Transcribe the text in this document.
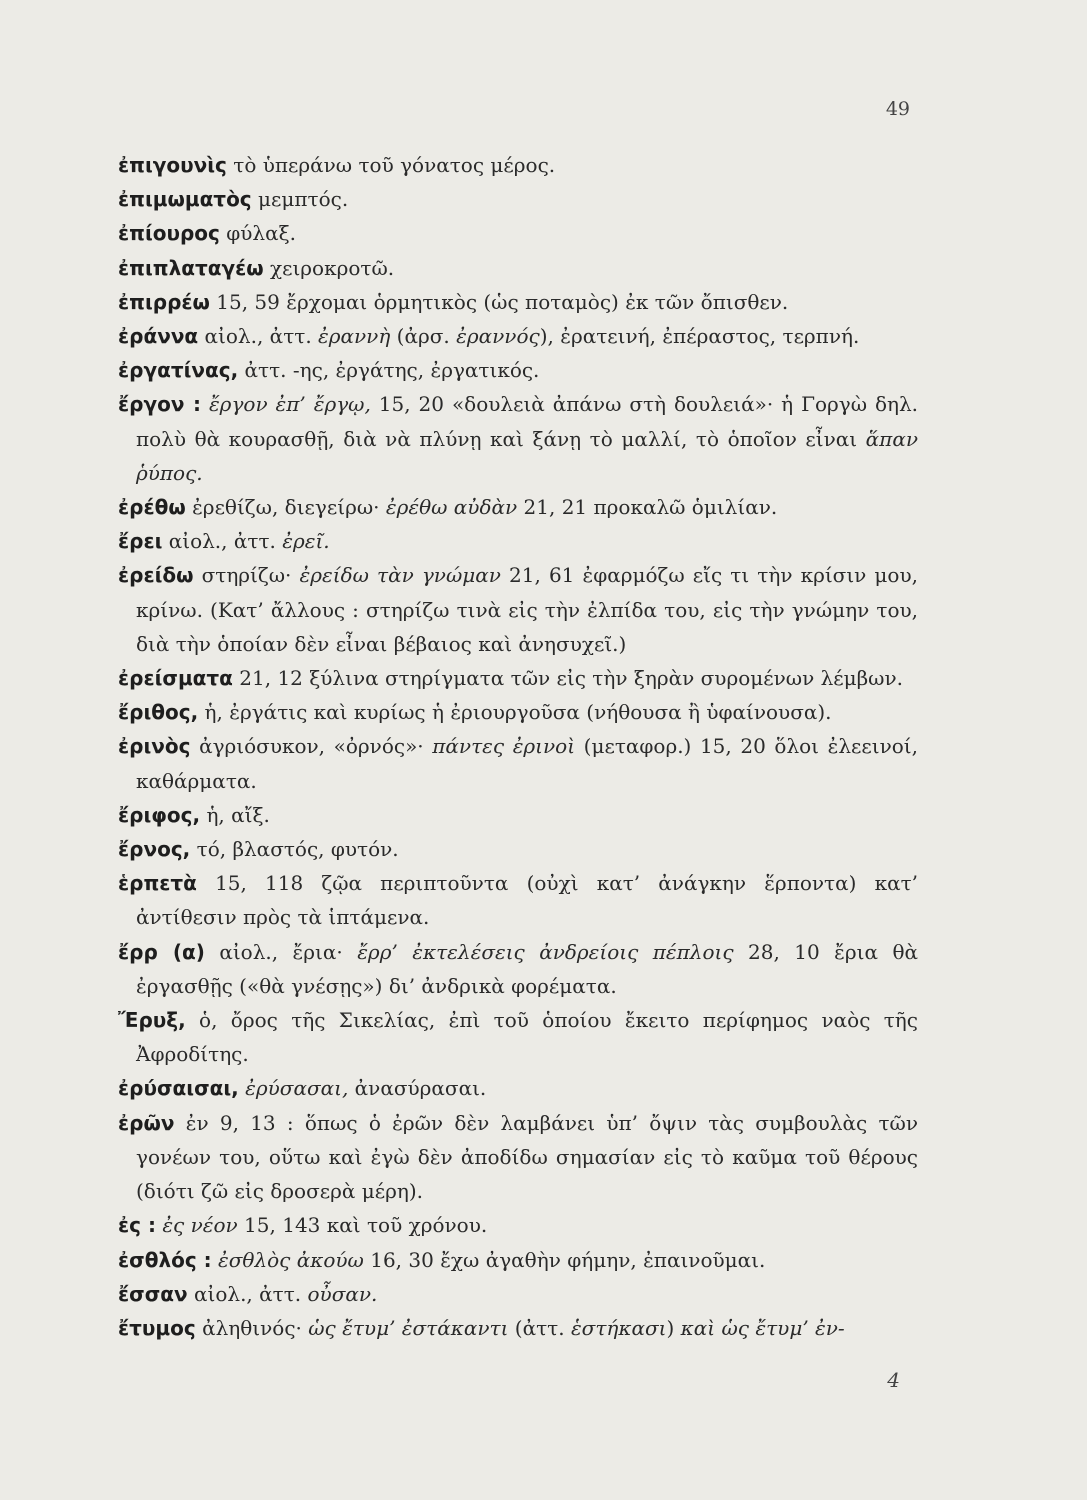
49
ἐπιγουνὶς τὸ ὑπεράνω τοῦ γόνατος μέρος.
ἐπιμωματὸς μεμπτός.
ἐπίουρος φύλαξ.
ἐπιπλαταγέω χειροκροτῶ.
ἐπιρρέω 15, 59 ἔρχομαι ὁρμητικὸς (ὡς ποταμὸς) ἐκ τῶν ὄπισθεν.
ἐράννα αἰολ., ἀττ. ἐραννὴ (ἀρσ. ἐραννός), ἐρατεινή, ἐπέραστος, τερπνή.
ἐργατίνας, ἀττ. -ης, ἐργάτης, ἐργατικός.
ἔργον : ἔργον ἐπ’ ἔργῳ, 15, 20 «δουλειὰ ἀπάνω στὴ δουλειά»· ἡ Γοργὼ δηλ. πολὺ θὰ κουρασθῇ, διὰ νὰ πλύνῃ καὶ ξάνῃ τὸ μαλλί, τὸ ὁποῖον εἶναι ἅπαν ῥύπος.
ἐρέθω ἐρεθίζω, διεγείρω· ἐρέθω αὐδὰν 21, 21 προκαλῶ ὁμιλίαν.
ἔρει αἰολ., ἀττ. ἐρεῖ.
ἐρείδω στηρίζω· ἐρείδω τὰν γνώμαν 21, 61 ἐφαρμόζω εἴς τι τὴν κρίσιν μου, κρίνω. (Κατ’ ἄλλους : στηρίζω τινὰ εἰς τὴν ἐλπίδα του, εἰς τὴν γνώμην του, διὰ τὴν ὁποίαν δὲν εἶναι βέβαιος καὶ ἀνησυχεῖ.)
ἐρείσματα 21, 12 ξύλινα στηρίγματα τῶν εἰς τὴν ξηρὰν συρομένων λέμβων.
ἔριθος, ἡ, ἐργάτις καὶ κυρίως ἡ ἐριουργοῦσα (νήθουσα ἢ ὑφαίνουσα).
ἐρινὸς ἀγριόσυκον, «ὀρνός»· πάντες ἐρινοὶ (μεταφορ.) 15, 20 ὅλοι ἐλεεινοί, καθάρματα.
ἔριφος, ἡ, αἴξ.
ἔρνος, τό, βλαστός, φυτόν.
ἑρπετὰ 15, 118 ζῷα περιπτοῦντα (οὐχὶ κατ’ ἀνάγκην ἕρποντα) κατ’ ἀντίθεσιν πρὸς τὰ ἱπτάμενα.
ἔρρ (α) αἰολ., ἔρια· ἔρρ’ ἐκτελέσεις ἀνδρείοις πέπλοις 28, 10 ἔρια θὰ ἐργασθῇς («θὰ γνέσῃς») δι’ ἀνδρικὰ φορέματα.
Ἔρυξ, ὁ, ὄρος τῆς Σικελίας, ἐπὶ τοῦ ὁποίου ἔκειτο περίφημος ναὸς τῆς Ἀφροδίτης.
ἐρύσαισαι, ἐρύσασαι, ἀνασύρασαι.
ἐρῶν ἐν 9, 13 : ὅπως ὁ ἐρῶν δὲν λαμβάνει ὑπ’ ὄψιν τὰς συμβουλὰς τῶν γονέων του, οὕτω καὶ ἐγὼ δὲν ἀποδίδω σημασίαν εἰς τὸ καῦμα τοῦ θέρους (διότι ζῶ εἰς δροσερὰ μέρη).
ἐς : ἐς νέον 15, 143 καὶ τοῦ χρόνου.
ἐσθλός : ἐσθλὸς ἀκούω 16, 30 ἔχω ἀγαθὴν φήμην, ἐπαινοῦμαι.
ἔσσαν αἰολ., ἀττ. οὖσαν.
ἔτυμος ἀληθινός· ὡς ἔτυμ’ ἐστάκαντι (ἀττ. ἑστήκασι) καὶ ὡς ἔτυμ’ ἐν-
4
